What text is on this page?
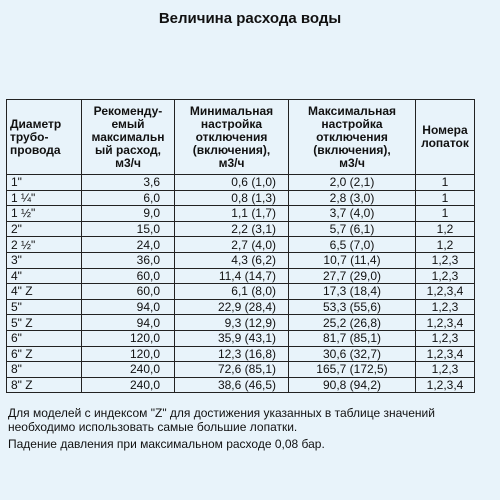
Величина расхода воды
Диаметр
трубо-
провода	Рекоменду-
емый
максимальн
ый расход,
м3/ч	Минимальная
настройка
отключения
(включения),
м3/ч	Максимальная
настройка
отключения
(включения),
м3/ч	Номера
лопаток
1"	3,6	0,6 (1,0)	2,0 (2,1)	1
1 ¼"	6,0	0,8 (1,3)	2,8 (3,0)	1
1 ½"	9,0	1,1 (1,7)	3,7 (4,0)	1
2"	15,0	2,2 (3,1)	5,7 (6,1)	1,2
2 ½"	24,0	2,7 (4,0)	6,5 (7,0)	1,2
3"	36,0	4,3 (6,2)	10,7 (11,4)	1,2,3
4"	60,0	11,4 (14,7)	27,7 (29,0)	1,2,3
4" Z	60,0	6,1 (8,0)	17,3 (18,4)	1,2,3,4
5"	94,0	22,9 (28,4)	53,3 (55,6)	1,2,3
5" Z	94,0	9,3 (12,9)	25,2 (26,8)	1,2,3,4
6"	120,0	35,9 (43,1)	81,7 (85,1)	1,2,3
6" Z	120,0	12,3 (16,8)	30,6 (32,7)	1,2,3,4
8"	240,0	72,6 (85,1)	165,7 (172,5)	1,2,3
8" Z	240,0	38,6 (46,5)	90,8 (94,2)	1,2,3,4
Для моделей с индексом "Z" для достижения указанных в таблице значений
необходимо использовать самые большие лопатки.
Падение давления при максимальном расходе 0,08 бар.
